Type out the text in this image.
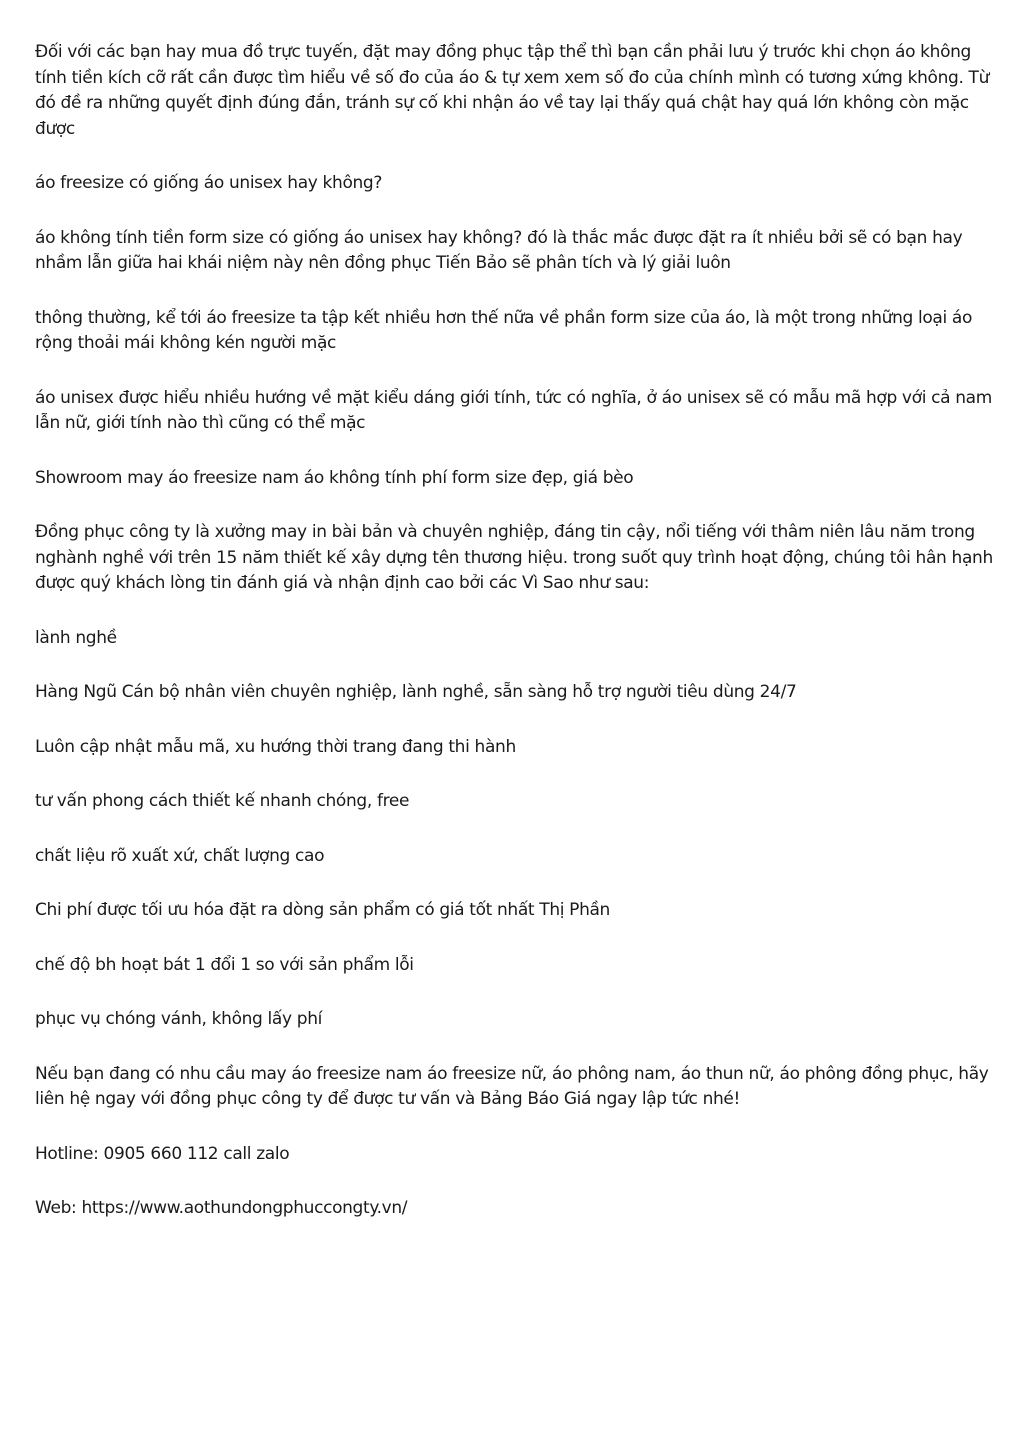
Đối với các bạn hay mua đồ trực tuyến, đặt may đồng phục tập thể thì bạn cần phải lưu ý trước khi chọn áo không tính tiền kích cỡ rất cần được tìm hiểu về số đo của áo & tự xem xem số đo của chính mình có tương xứng không. Từ đó đề ra những quyết định đúng đắn, tránh sự cố khi nhận áo về tay lại thấy quá chật hay quá lớn không còn mặc được

áo freesize có giống áo unisex hay không?

áo không tính tiền form size có giống áo unisex hay không? đó là thắc mắc được đặt ra ít nhiều bởi sẽ có bạn hay nhầm lẫn giữa hai khái niệm này nên đồng phục Tiến Bảo sẽ phân tích và lý giải luôn

thông thường, kể tới áo freesize ta tập kết nhiều hơn thế nữa về phần form size của áo, là một trong những loại áo rộng thoải mái không kén người mặc

áo unisex được hiểu nhiều hướng về mặt kiểu dáng giới tính, tức có nghĩa, ở áo unisex sẽ có mẫu mã hợp với cả nam lẫn nữ, giới tính nào thì cũng có thể mặc

Showroom may áo freesize nam áo không tính phí form size đẹp, giá bèo

Đồng phục công ty là xưởng may in bài bản và chuyên nghiệp, đáng tin cậy, nổi tiếng với thâm niên lâu năm trong nghành nghề với trên 15 năm thiết kế xây dựng tên thương hiệu. trong suốt quy trình hoạt động, chúng tôi hân hạnh được quý khách lòng tin đánh giá và nhận định cao bởi các Vì Sao như sau:

lành nghề

Hàng Ngũ Cán bộ nhân viên chuyên nghiệp, lành nghề, sẵn sàng hỗ trợ người tiêu dùng 24/7

Luôn cập nhật mẫu mã, xu hướng thời trang đang thi hành

tư vấn phong cách thiết kế nhanh chóng, free

chất liệu rõ xuất xứ, chất lượng cao

Chi phí được tối ưu hóa đặt ra dòng sản phẩm có giá tốt nhất Thị Phần

chế độ bh hoạt bát 1 đổi 1 so với sản phẩm lỗi

phục vụ chóng vánh, không lấy phí

Nếu bạn đang có nhu cầu may áo freesize nam áo freesize nữ, áo phông nam, áo thun nữ, áo phông đồng phục, hãy liên hệ ngay với đồng phục công ty để được tư vấn và Bảng Báo Giá ngay lập tức nhé!

Hotline: 0905 660 112 call zalo

Web: https://www.aothundongphuccongty.vn/
